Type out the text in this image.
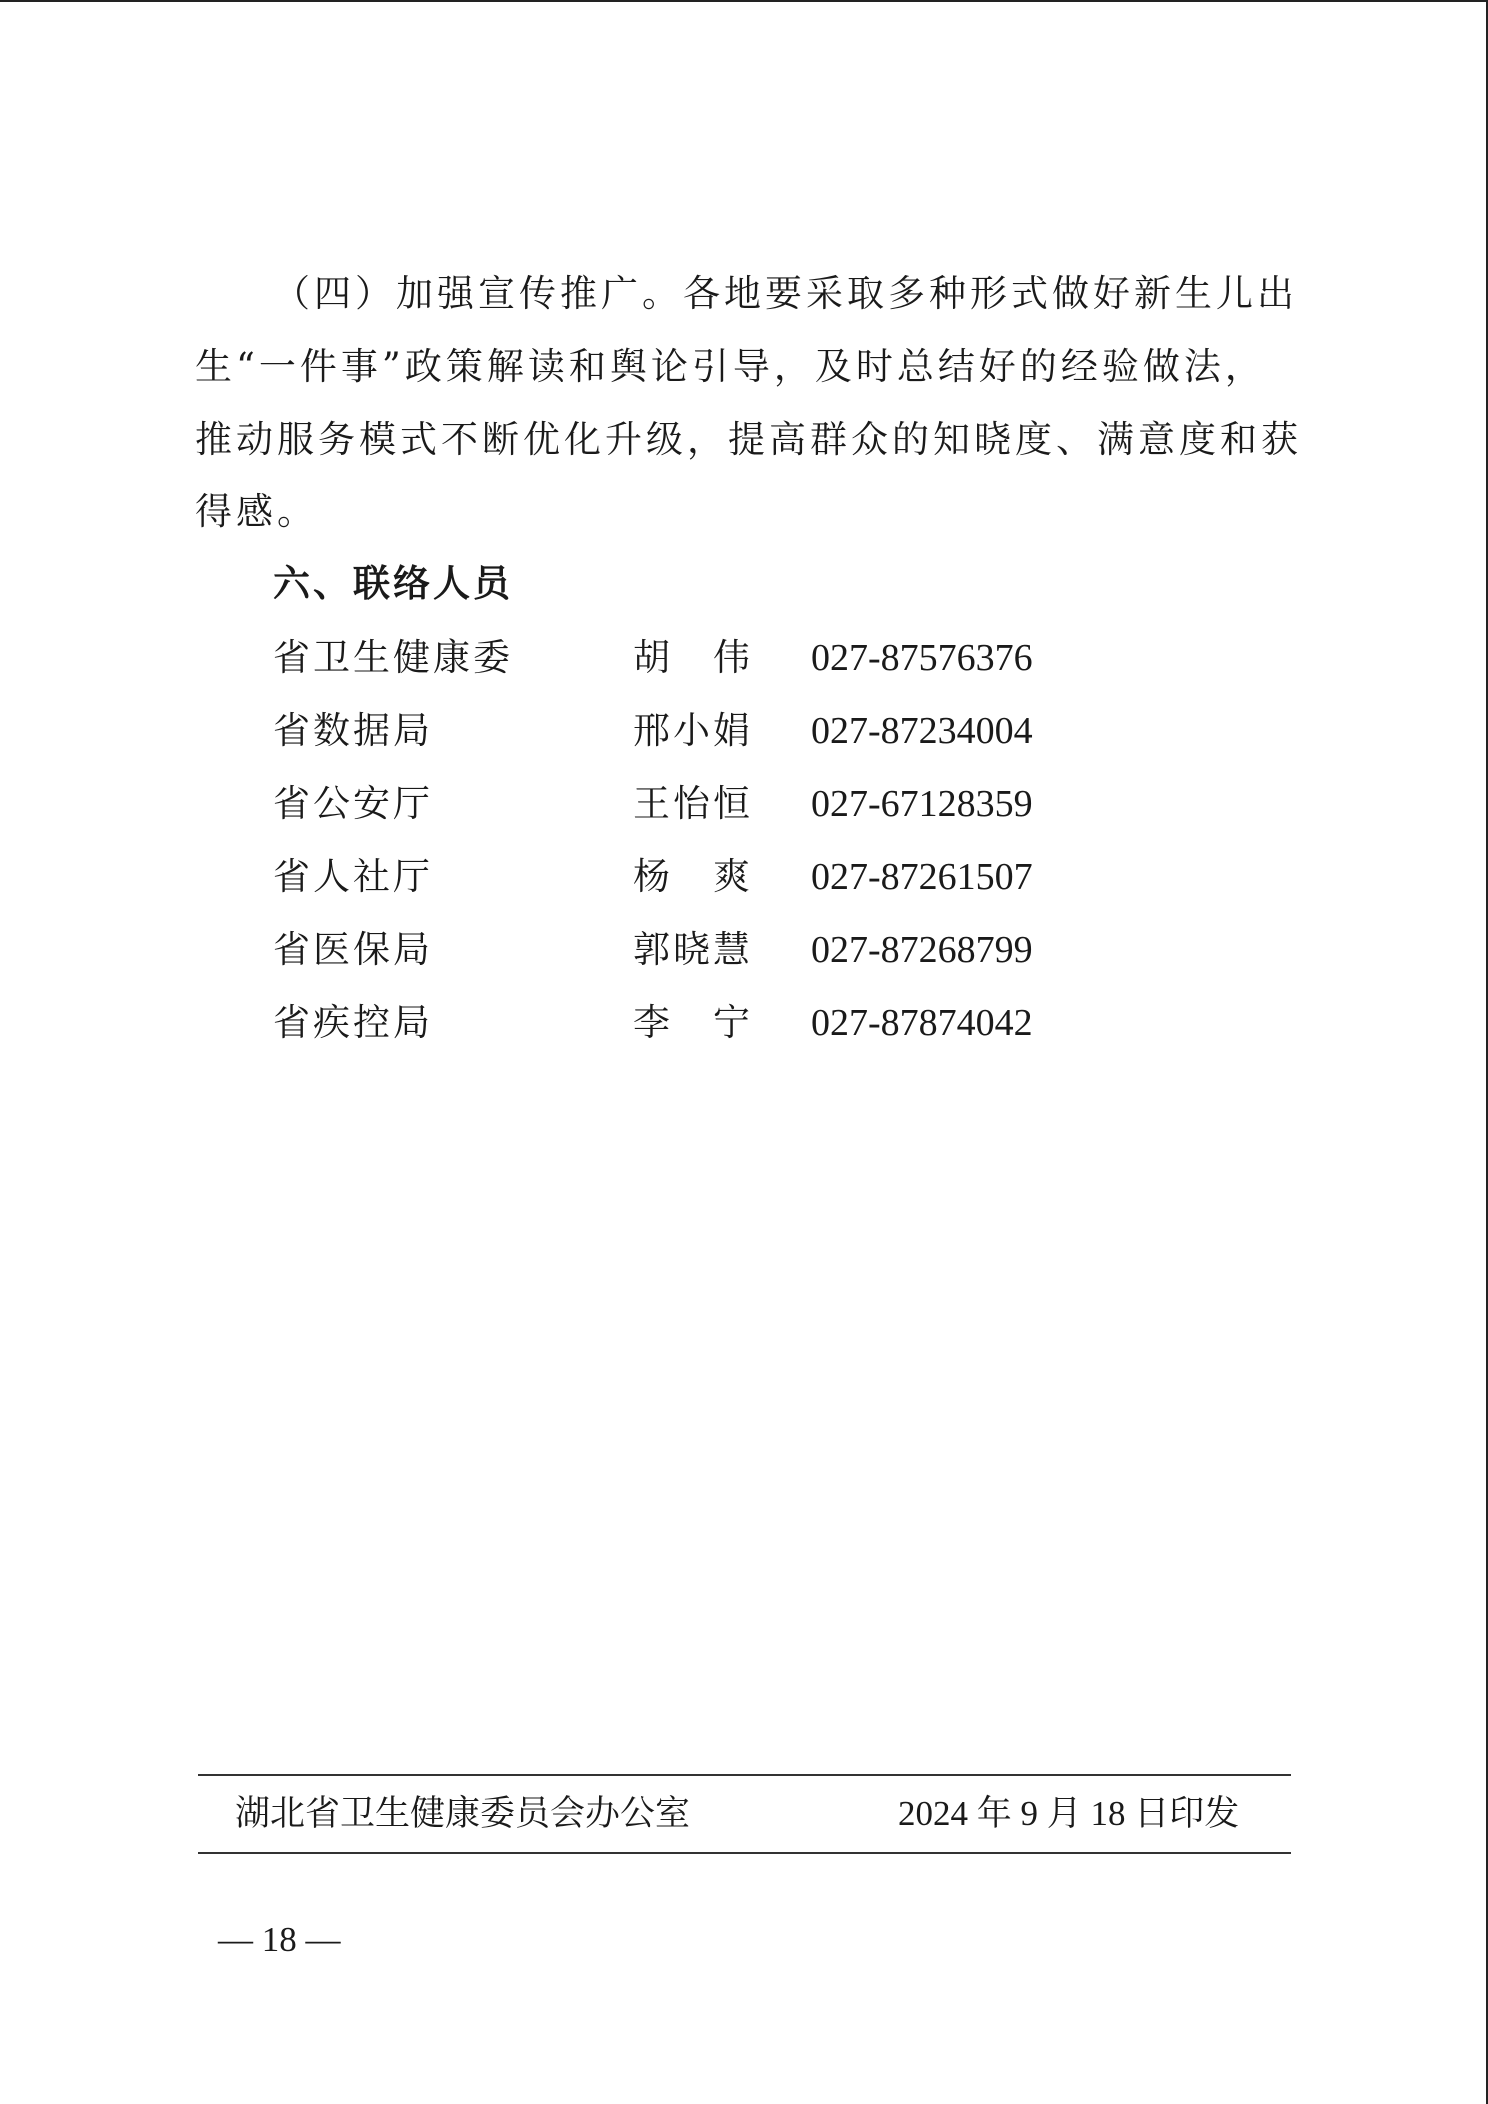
（四）加强宣传推广。各地要采取多种形式做好新生儿出
生“一件事”政策解读和舆论引导，及时总结好的经验做法，
推动服务模式不断优化升级，提高群众的知晓度、满意度和获
得感。
六、联络人员
省卫生健康委	胡　伟 027-87576376
省数据局	邢小娟 027-87234004
省公安厅	王怡恒 027-67128359
省人社厅	杨　爽 027-87261507
省医保局	郭晓慧 027-87268799
省疾控局	李　宁 027-87874042
湖北省卫生健康委员会办公室	2024 年 9 月 18 日印发
— 18 —
